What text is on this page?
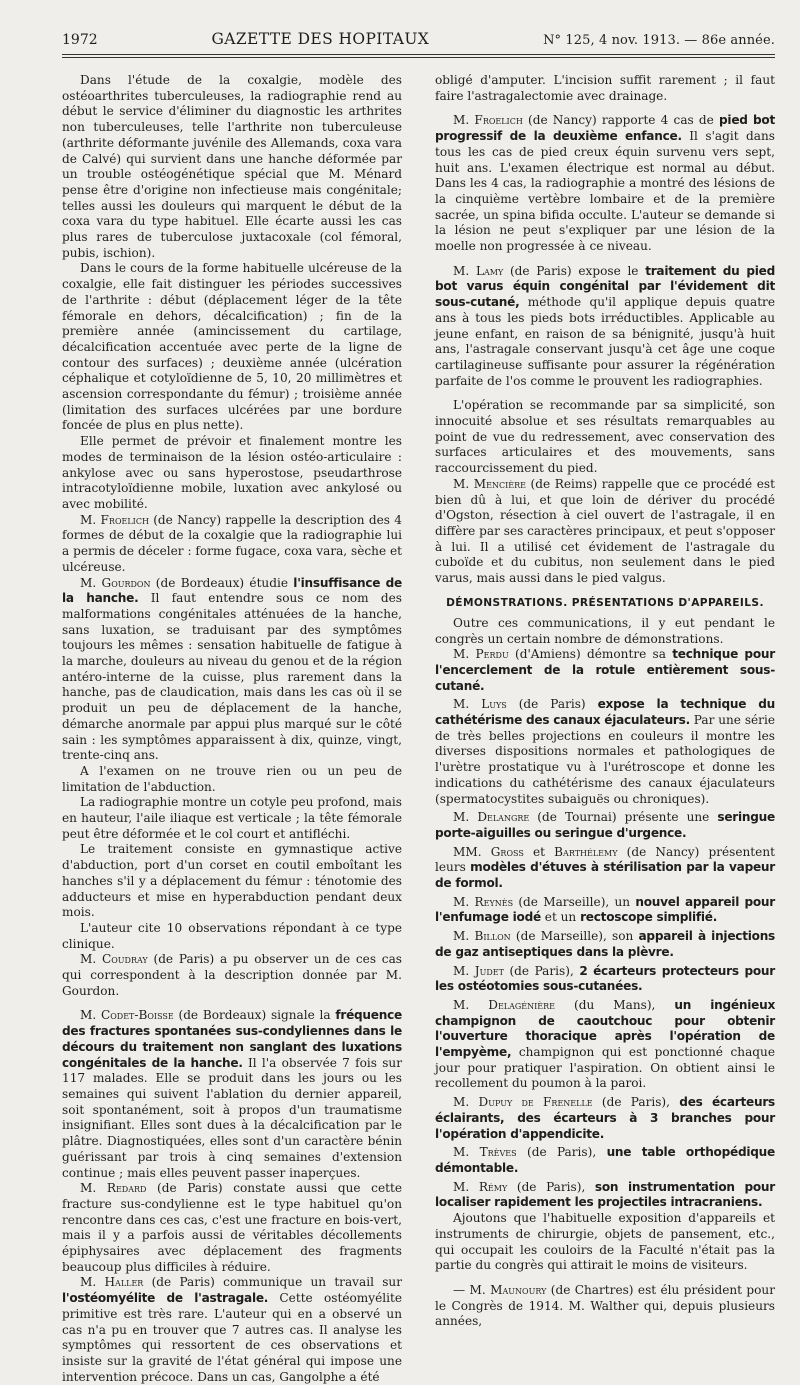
1972	GAZETTE DES HOPITAUX	N° 125, 4 nov. 1913. — 86e année.

Dans l'étude de la coxalgie, modèle des ostéoarthrites tuberculeuses, la radiographie rend au début le service d'éliminer du diagnostic les arthrites non tuberculeuses, telle l'arthrite non tuberculeuse (arthrite déformante juvénile des Allemands, coxa vara de Calvé) qui survient dans une hanche déformée par un trouble ostéogénétique spécial que M. Ménard pense être d'origine non infectieuse mais congénitale; telles aussi les douleurs qui marquent le début de la coxa vara du type habituel. Elle écarte aussi les cas plus rares de tuberculose juxtacoxale (col fémoral, pubis, ischion).

Dans le cours de la forme habituelle ulcéreuse de la coxalgie, elle fait distinguer les périodes successives de l'arthrite : début (déplacement léger de la tête fémorale en dehors, décalcification) ; fin de la première année (amincissement du cartilage, décalcification accentuée avec perte de la ligne de contour des surfaces) ; deuxième année (ulcération céphalique et cotyloïdienne de 5, 10, 20 millimètres et ascension correspondante du fémur) ; troisième année (limitation des surfaces ulcérées par une bordure foncée de plus en plus nette).

Elle permet de prévoir et finalement montre les modes de terminaison de la lésion ostéo-articulaire : ankylose avec ou sans hyperostose, pseudarthrose intracotyloïdienne mobile, luxation avec ankylosé ou avec mobilité.

M. Froelich (de Nancy) rappelle la description des 4 formes de début de la coxalgie que la radiographie lui a permis de déceler : forme fugace, coxa vara, sèche et ulcéreuse.

M. Gourdon (de Bordeaux) étudie l'insuffisance de la hanche. Il faut entendre sous ce nom des malformations congénitales atténuées de la hanche, sans luxation, se traduisant par des symptômes toujours les mêmes : sensation habituelle de fatigue à la marche, douleurs au niveau du genou et de la région antéro-interne de la cuisse, plus rarement dans la hanche, pas de claudication, mais dans les cas où il se produit un peu de déplacement de la hanche, démarche anormale par appui plus marqué sur le côté sain : les symptômes apparaissent à dix, quinze, vingt, trente-cinq ans.

A l'examen on ne trouve rien ou un peu de limitation de l'abduction.

La radiographie montre un cotyle peu profond, mais en hauteur, l'aile iliaque est verticale ; la tête fémorale peut être déformée et le col court et antifléchi.

Le traitement consiste en gymnastique active d'abduction, port d'un corset en coutil emboîtant les hanches s'il y a déplacement du fémur : ténotomie des adducteurs et mise en hyperabduction pendant deux mois.

L'auteur cite 10 observations répondant à ce type clinique.

M. Coudray (de Paris) a pu observer un de ces cas qui correspondent à la description donnée par M. Gourdon.

M. Codet-Boisse (de Bordeaux) signale la fréquence des fractures spontanées sus-condyliennes dans le décours du traitement non sanglant des luxations congénitales de la hanche. Il l'a observée 7 fois sur 117 malades. Elle se produit dans les jours ou les semaines qui suivent l'ablation du dernier appareil, soit spontanément, soit à propos d'un traumatisme insignifiant. Elles sont dues à la décalcification par le plâtre. Diagnostiquées, elles sont d'un caractère bénin guérissant par trois à cinq semaines d'extension continue ; mais elles peuvent passer inaperçues.

M. Redard (de Paris) constate aussi que cette fracture sus-condylienne est le type habituel qu'on rencontre dans ces cas, c'est une fracture en bois-vert, mais il y a parfois aussi de véritables décollements épiphysaires avec déplacement des fragments beaucoup plus difficiles à réduire.

M. Haller (de Paris) communique un travail sur l'ostéomyélite de l'astragale. Cette ostéomyélite primitive est très rare. L'auteur qui en a observé un cas n'a pu en trouver que 7 autres cas. Il analyse les symptômes qui ressortent de ces observations et insiste sur la gravité de l'état général qui impose une intervention précoce. Dans un cas, Gangolphe a été

obligé d'amputer. L'incision suffit rarement ; il faut faire l'astragalectomie avec drainage.

M. Froelich (de Nancy) rapporte 4 cas de pied bot progressif de la deuxième enfance. Il s'agit dans tous les cas de pied creux équin survenu vers sept, huit ans. L'examen électrique est normal au début. Dans les 4 cas, la radiographie a montré des lésions de la cinquième vertèbre lombaire et de la première sacrée, un spina bifida occulte. L'auteur se demande si la lésion ne peut s'expliquer par une lésion de la moelle non progressée à ce niveau.

M. Lamy (de Paris) expose le traitement du pied bot varus équin congénital par l'évidement dit sous-cutané, méthode qu'il applique depuis quatre ans à tous les pieds bots irréductibles. Applicable au jeune enfant, en raison de sa bénignité, jusqu'à huit ans, l'astragale conservant jusqu'à cet âge une coque cartilagineuse suffisante pour assurer la régénération parfaite de l'os comme le prouvent les radiographies.

L'opération se recommande par sa simplicité, son innocuité absolue et ses résultats remarquables au point de vue du redressement, avec conservation des surfaces articulaires et des mouvements, sans raccourcissement du pied.

M. Mencière (de Reims) rappelle que ce procédé est bien dû à lui, et que loin de dériver du procédé d'Ogston, résection à ciel ouvert de l'astragale, il en diffère par ses caractères principaux, et peut s'opposer à lui. Il a utilisé cet évidement de l'astragale du cuboïde et du cubitus, non seulement dans le pied varus, mais aussi dans le pied valgus.

DÉMONSTRATIONS. PRÉSENTATIONS D'APPAREILS.

Outre ces communications, il y eut pendant le congrès un certain nombre de démonstrations.

M. Perdu (d'Amiens) démontre sa technique pour l'encerclement de la rotule entièrement sous-cutané.

M. Luys (de Paris) expose la technique du cathétérisme des canaux éjaculateurs. Par une série de très belles projections en couleurs il montre les diverses dispositions normales et pathologiques de l'urètre prostatique vu à l'urétroscope et donne les indications du cathétérisme des canaux éjaculateurs (spermatocystites subaiguës ou chroniques).

M. Delangre (de Tournai) présente une seringue porte-aiguilles ou seringue d'urgence.

MM. Gross et Barthélemy (de Nancy) présentent leurs modèles d'étuves à stérilisation par la vapeur de formol.

M. Reynès (de Marseille), un nouvel appareil pour l'enfumage iodé et un rectoscope simplifié.

M. Billon (de Marseille), son appareil à injections de gaz antiseptiques dans la plèvre.

M. Judet (de Paris), 2 écarteurs protecteurs pour les ostéotomies sous-cutanées.

M. Delagénière (du Mans), un ingénieux champignon de caoutchouc pour obtenir l'ouverture thoracique après l'opération de l'empyème, champignon qui est ponctionné chaque jour pour pratiquer l'aspiration. On obtient ainsi le recollement du poumon à la paroi.

M. Dupuy de Frenelle (de Paris), des écarteurs éclairants, des écarteurs à 3 branches pour l'opération d'appendicite.

M. Trèves (de Paris), une table orthopédique démontable.

M. Rémy (de Paris), son instrumentation pour localiser rapidement les projectiles intracraniens.

Ajoutons que l'habituelle exposition d'appareils et instruments de chirurgie, objets de pansement, etc., qui occupait les couloirs de la Faculté n'était pas la partie du congrès qui attirait le moins de visiteurs.

— M. Maunoury (de Chartres) est élu président pour le Congrès de 1914. M. Walther qui, depuis plusieurs années,
